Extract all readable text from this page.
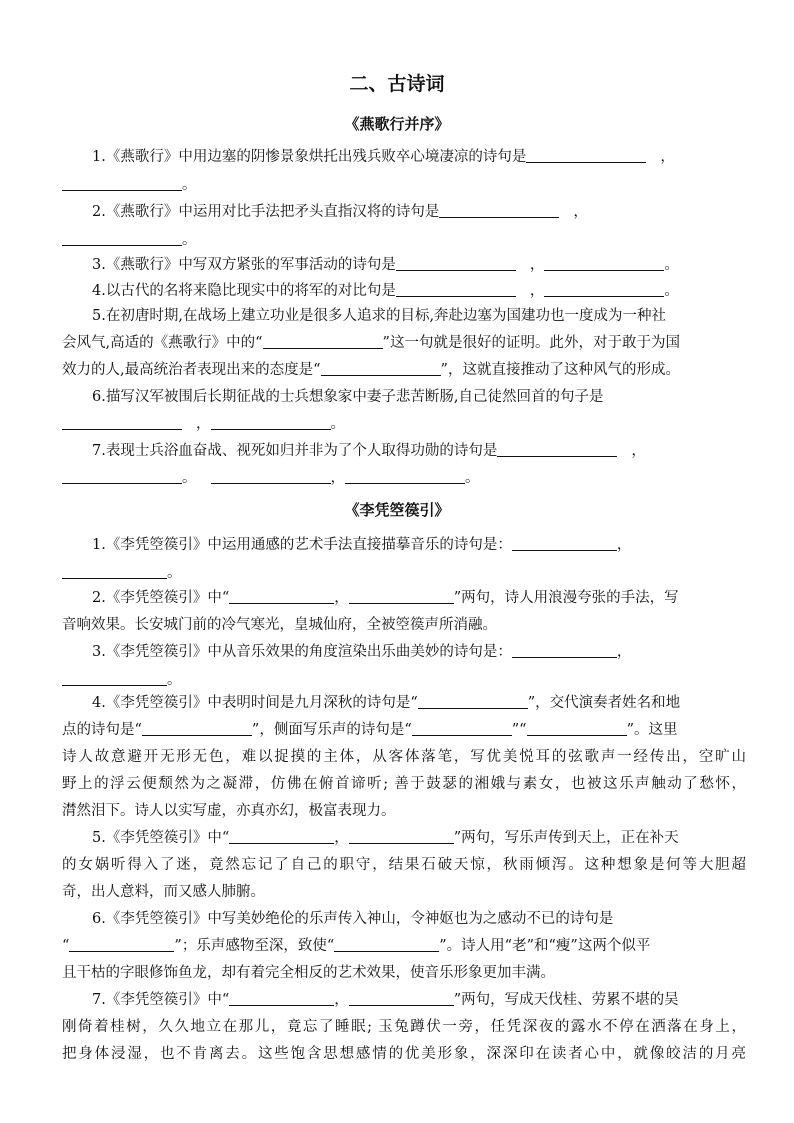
二、古诗词
《燕歌行并序》
1.《燕歌行》中用边塞的阴惨景象烘托出残兵败卒心境凄凉的诗句是	，
。
2.《燕歌行》中运用对比手法把矛头直指汉将的诗句是	，
。
3.《燕歌行》中写双方紧张的军事活动的诗句是	，	。
4.以古代的名将来隐比现实中的将军的对比句是	，	。
5.在初唐时期,在战场上建立功业是很多人追求的目标,奔赴边塞为国建功也一度成为一种社
会风气,高适的《燕歌行》中的“	”这一句就是很好的证明。此外，对于敢于为国
效力的人,最高统治者表现出来的态度是“	”，这就直接推动了这种风气的形成。
6.描写汉军被围后长期征战的士兵想象家中妻子悲苦断肠,自己徒然回首的句子是
，	。
7.表现士兵浴血奋战、视死如归并非为了个人取得功勋的诗句是	，
。	，	。
《李凭箜篌引》
1.《李凭箜篌引》中运用通感的艺术手法直接描摹音乐的诗句是：	，
。
2.《李凭箜篌引》中“	，	”两句，诗人用浪漫夸张的手法，写
音响效果。长安城门前的冷气寒光，皇城仙府，全被箜篌声所消融。
3.《李凭箜篌引》中从音乐效果的角度渲染出乐曲美妙的诗句是：	，
。
4.《李凭箜篌引》中表明时间是九月深秋的诗句是“	”，交代演奏者姓名和地
点的诗句是“	”，侧面写乐声的诗句是“	”“	”。这里
诗人故意避开无形无色，难以捉摸的主体，从客体落笔，写优美悦耳的弦歌声一经传出，空旷山
野上的浮云便颓然为之凝滞，仿佛在俯首谛听; 善于鼓瑟的湘娥与素女，也被这乐声触动了愁怀，
潸然泪下。诗人以实写虚，亦真亦幻，极富表现力。
5.《李凭箜篌引》中“	，	”两句，写乐声传到天上，正在补天
的女娲听得入了迷，竟然忘记了自己的职守，结果石破天惊，秋雨倾泻。这种想象是何等大胆超
奇，出人意料，而又感人肺腑。
6.《李凭箜篌引》中写美妙绝伦的乐声传入神山，令神妪也为之感动不已的诗句是
“	”；乐声感物至深，致使“	”。诗人用“老”和“瘦”这两个似平
且干枯的字眼修饰鱼龙，却有着完全相反的艺术效果，使音乐形象更加丰满。
7.《李凭箜篌引》中“	，	”两句，写成天伐桂、劳累不堪的吴
刚倚着桂树，久久地立在那儿，竟忘了睡眠; 玉兔蹲伏一旁，任凭深夜的露水不停在洒落在身上，
把身体浸湿，也不肯离去。这些饱含思想感情的优美形象，深深印在读者心中，就像皎洁的月亮
